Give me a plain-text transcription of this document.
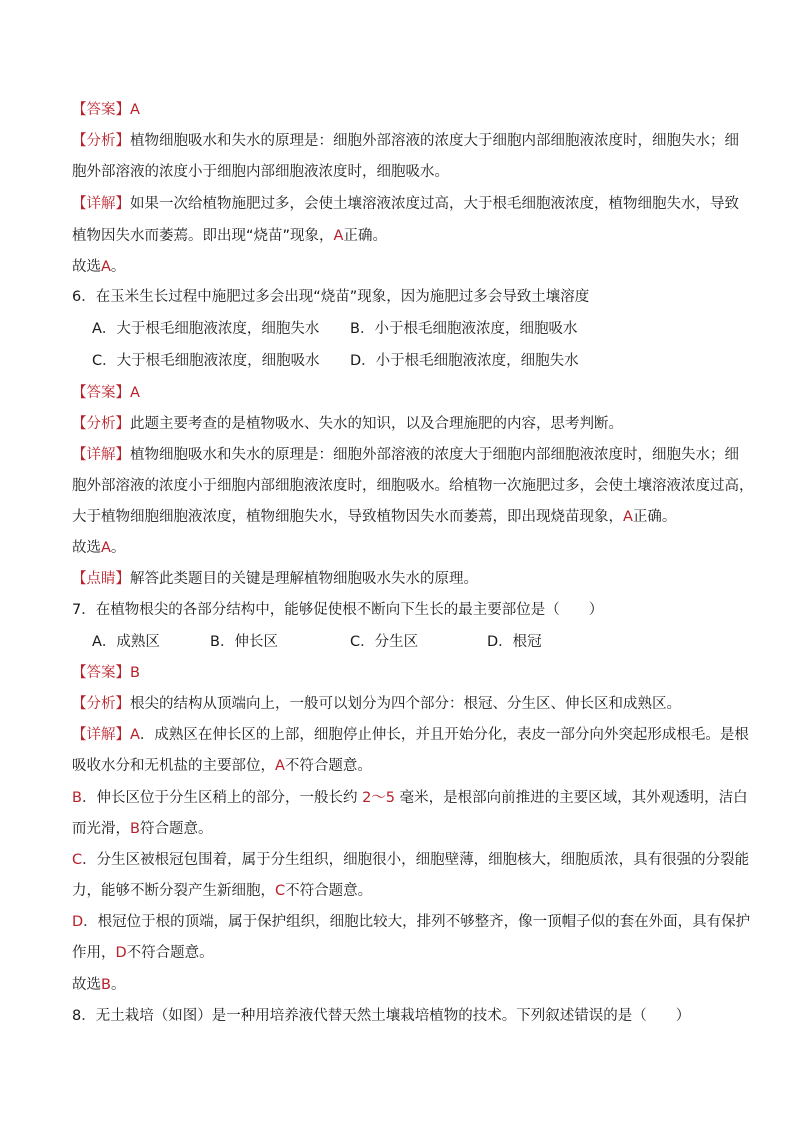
【答案】A
【分析】植物细胞吸水和失水的原理是：细胞外部溶液的浓度大于细胞内部细胞液浓度时，细胞失水；细
胞外部溶液的浓度小于细胞内部细胞液浓度时，细胞吸水。
【详解】如果一次给植物施肥过多，会使土壤溶液浓度过高，大于根毛细胞液浓度，植物细胞失水，导致
植物因失水而萎蔫。即出现“烧苗”现象，A正确。
故选A。
6．在玉米生长过程中施肥过多会出现“烧苗”现象，因为施肥过多会导致土壤溶度
A．大于根毛细胞液浓度，细胞失水 B．小于根毛细胞液浓度，细胞吸水
C．大于根毛细胞液浓度，细胞吸水 D．小于根毛细胞液浓度，细胞失水
【答案】A
【分析】此题主要考查的是植物吸水、失水的知识，以及合理施肥的内容，思考判断。
【详解】植物细胞吸水和失水的原理是：细胞外部溶液的浓度大于细胞内部细胞液浓度时，细胞失水；细
胞外部溶液的浓度小于细胞内部细胞液浓度时，细胞吸水。给植物一次施肥过多，会使土壤溶液浓度过高，
大于植物细胞细胞液浓度，植物细胞失水，导致植物因失水而萎蔫，即出现烧苗现象，A正确。
故选A。
【点睛】解答此类题目的关键是理解植物细胞吸水失水的原理。
7．在植物根尖的各部分结构中，能够促使根不断向下生长的最主要部位是（　　）
A．成熟区	B．伸长区	C．分生区	D．根冠
【答案】B
【分析】根尖的结构从顶端向上，一般可以划分为四个部分：根冠、分生区、伸长区和成熟区。
【详解】A．成熟区在伸长区的上部，细胞停止伸长，并且开始分化，表皮一部分向外突起形成根毛。是根
吸收水分和无机盐的主要部位，A不符合题意。
B．伸长区位于分生区稍上的部分，一般长约 2～5 毫米，是根部向前推进的主要区域，其外观透明，洁白
而光滑，B符合题意。
C．分生区被根冠包围着，属于分生组织，细胞很小，细胞壁薄，细胞核大，细胞质浓，具有很强的分裂能
力，能够不断分裂产生新细胞，C不符合题意。
D．根冠位于根的顶端，属于保护组织，细胞比较大，排列不够整齐，像一顶帽子似的套在外面，具有保护
作用，D不符合题意。
故选B。
8．无土栽培（如图）是一种用培养液代替天然土壤栽培植物的技术。下列叙述错误的是（　　）
